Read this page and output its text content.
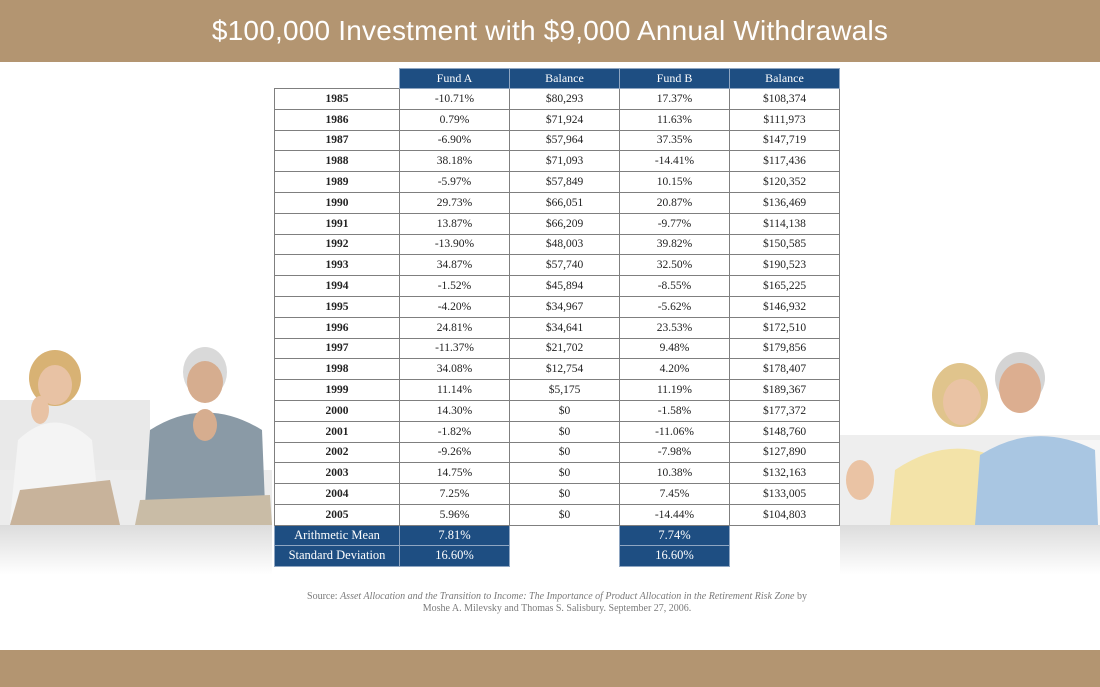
$100,000 Investment with $9,000 Annual Withdrawals
	Fund A	Balance	Fund B	Balance
1985	-10.71%	$80,293	17.37%	$108,374
1986	0.79%	$71,924	11.63%	$111,973
1987	-6.90%	$57,964	37.35%	$147,719
1988	38.18%	$71,093	-14.41%	$117,436
1989	-5.97%	$57,849	10.15%	$120,352
1990	29.73%	$66,051	20.87%	$136,469
1991	13.87%	$66,209	-9.77%	$114,138
1992	-13.90%	$48,003	39.82%	$150,585
1993	34.87%	$57,740	32.50%	$190,523
1994	-1.52%	$45,894	-8.55%	$165,225
1995	-4.20%	$34,967	-5.62%	$146,932
1996	24.81%	$34,641	23.53%	$172,510
1997	-11.37%	$21,702	9.48%	$179,856
1998	34.08%	$12,754	4.20%	$178,407
1999	11.14%	$5,175	11.19%	$189,367
2000	14.30%	$0	-1.58%	$177,372
2001	-1.82%	$0	-11.06%	$148,760
2002	-9.26%	$0	-7.98%	$127,890
2003	14.75%	$0	10.38%	$132,163
2004	7.25%	$0	7.45%	$133,005
2005	5.96%	$0	-14.44%	$104,803
Arithmetic Mean	7.81%		7.74%	
Standard Deviation	16.60%		16.60%	
Source: Asset Allocation and the Transition to Income: The Importance of Product Allocation in the Retirement Risk Zone by
Moshe A. Milevsky and Thomas S. Salisbury. September 27, 2006.
